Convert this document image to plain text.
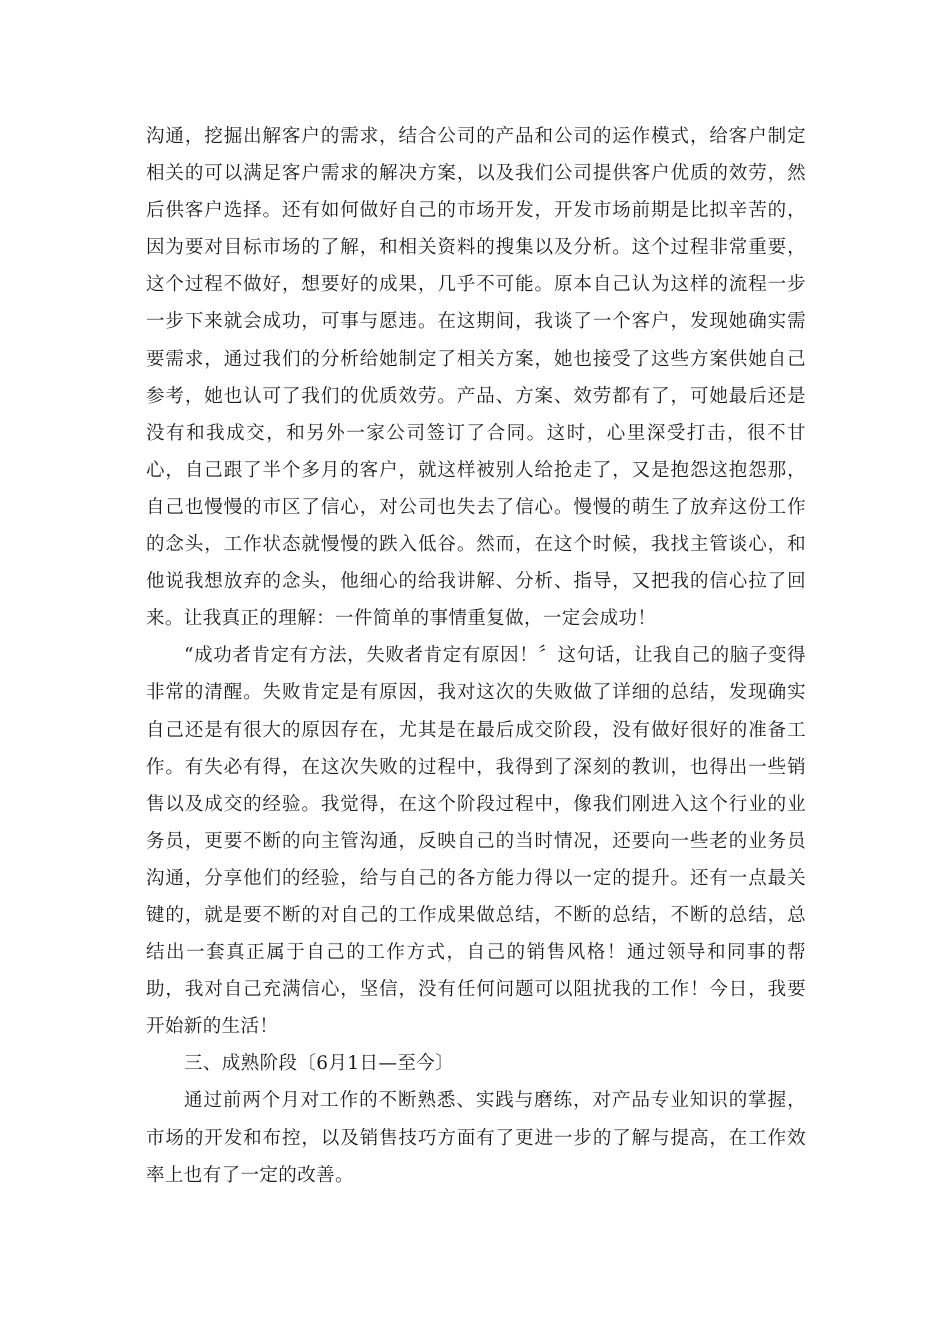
沟通，挖掘出解客户的需求，结合公司的产品和公司的运作模式，给客户制定相关的可以满足客户需求的解决方案，以及我们公司提供客户优质的效劳，然后供客户选择。还有如何做好自己的市场开发，开发市场前期是比拟辛苦的，因为要对目标市场的了解，和相关资料的搜集以及分析。这个过程非常重要，这个过程不做好，想要好的成果，几乎不可能。原本自己认为这样的流程一步一步下来就会成功，可事与愿违。在这期间，我谈了一个客户，发现她确实需要需求，通过我们的分析给她制定了相关方案，她也接受了这些方案供她自己参考，她也认可了我们的优质效劳。产品、方案、效劳都有了，可她最后还是没有和我成交，和另外一家公司签订了合同。这时，心里深受打击，很不甘心，自己跟了半个多月的客户，就这样被别人给抢走了，又是抱怨这抱怨那，自己也慢慢的市区了信心，对公司也失去了信心。慢慢的萌生了放弃这份工作的念头，工作状态就慢慢的跌入低谷。然而，在这个时候，我找主管谈心，和他说我想放弃的念头，他细心的给我讲解、分析、指导，又把我的信心拉了回来。让我真正的理解：一件简单的事情重复做，一定会成功！

“成功者肯定有方法，失败者肯定有原因！〞这句话，让我自己的脑子变得非常的清醒。失败肯定是有原因，我对这次的失败做了详细的总结，发现确实自己还是有很大的原因存在，尤其是在最后成交阶段，没有做好很好的准备工作。有失必有得，在这次失败的过程中，我得到了深刻的教训，也得出一些销售以及成交的经验。我觉得，在这个阶段过程中，像我们刚进入这个行业的业务员，更要不断的向主管沟通，反映自己的当时情况，还要向一些老的业务员沟通，分享他们的经验，给与自己的各方能力得以一定的提升。还有一点最关键的，就是要不断的对自己的工作成果做总结，不断的总结，不断的总结，总结出一套真正属于自己的工作方式，自己的销售风格！通过领导和同事的帮助，我对自己充满信心，坚信，没有任何问题可以阻扰我的工作！今日，我要开始新的生活！

三、成熟阶段〔6月1日—至今〕

通过前两个月对工作的不断熟悉、实践与磨练，对产品专业知识的掌握，市场的开发和布控，以及销售技巧方面有了更进一步的了解与提高，在工作效率上也有了一定的改善。
